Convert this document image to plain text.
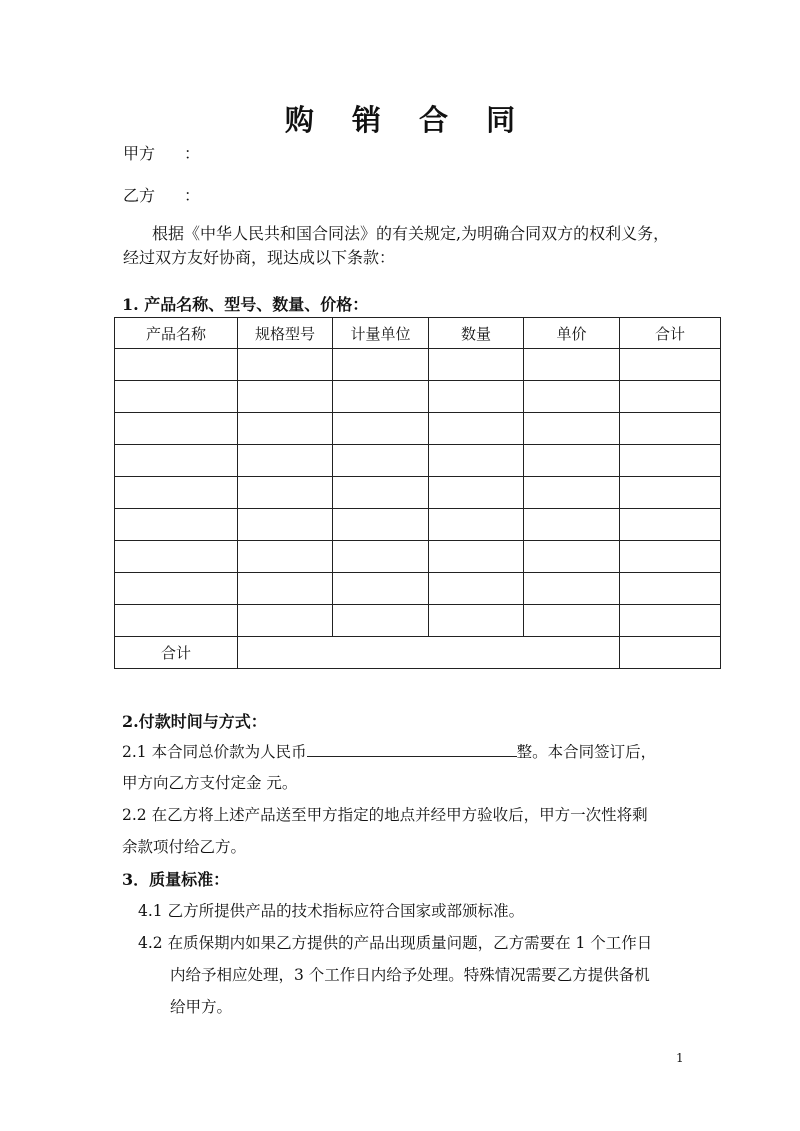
购 销 合 同
甲方 ：
乙方 ：
根据《中华人民共和国合同法》的有关规定,为明确合同双方的权利义务，
经过双方友好协商，现达成以下条款：
1. 产品名称、型号、数量、价格：
产品名称	规格型号	计量单位	数量	单价	合计

合计					
2.付款时间与方式：
2.1 本合同总价款为人民币	整。本合同签订后，
甲方向乙方支付定金 元。
2.2 在乙方将上述产品送至甲方指定的地点并经甲方验收后，甲方一次性将剩
余款项付给乙方。
3．质量标准：
4.1 乙方所提供产品的技术指标应符合国家或部颁标准。
4.2 在质保期内如果乙方提供的产品出现质量问题，乙方需要在 1 个工作日
内给予相应处理，3 个工作日内给予处理。特殊情况需要乙方提供备机
给甲方。
1
